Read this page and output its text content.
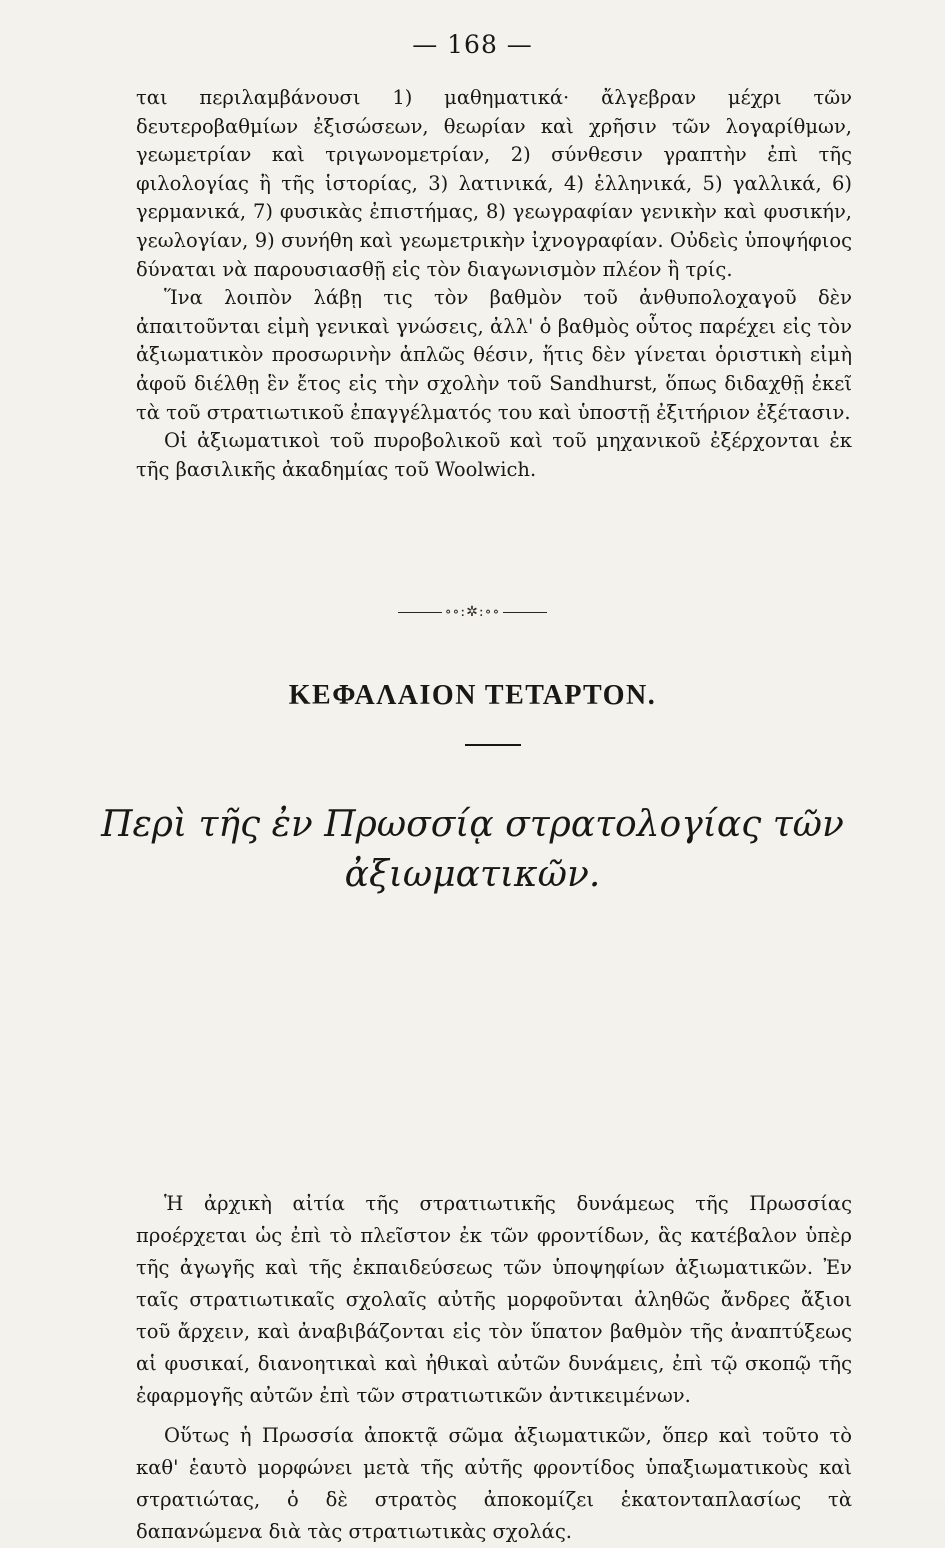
— 168 —

ται περιλαμβάνουσι 1) μαθηματικά· ἄλγεβραν μέχρι τῶν δευτεροβαθμίων ἐξισώσεων, θεωρίαν καὶ χρῆσιν τῶν λογαρίθμων, γεωμετρίαν καὶ τριγωνομετρίαν, 2) σύνθεσιν γραπτὴν ἐπὶ τῆς φιλολογίας ἢ τῆς ἱστορίας, 3) λατινικά, 4) ἑλληνικά, 5) γαλλικά, 6) γερμανικά, 7) φυσικὰς ἐπιστήμας, 8) γεωγραφίαν γενικὴν καὶ φυσικήν, γεωλογίαν, 9) συνήθη καὶ γεωμετρικὴν ἰχνογραφίαν. Οὐδεὶς ὑποψήφιος δύναται νὰ παρουσιασθῇ εἰς τὸν διαγωνισμὸν πλέον ἢ τρίς.

Ἵνα λοιπὸν λάβῃ τις τὸν βαθμὸν τοῦ ἀνθυπολοχαγοῦ δὲν ἀπαιτοῦνται εἰμὴ γενικαὶ γνώσεις, ἀλλ' ὁ βαθμὸς οὗτος παρέχει εἰς τὸν ἀξιωματικὸν προσωρινὴν ἁπλῶς θέσιν, ἥτις δὲν γίνεται ὁριστικὴ εἰμὴ ἀφοῦ διέλθῃ ἓν ἔτος εἰς τὴν σχολὴν τοῦ Sandhurst, ὅπως διδαχθῇ ἐκεῖ τὰ τοῦ στρατιωτικοῦ ἐπαγγέλματός του καὶ ὑποστῇ ἐξιτήριον ἐξέτασιν.

Οἱ ἀξιωματικοὶ τοῦ πυροβολικοῦ καὶ τοῦ μηχανικοῦ ἐξέρχονται ἐκ τῆς βασιλικῆς ἀκαδημίας τοῦ Woolwich.

∘∘:✲:∘∘
ΚΕΦΑΛΑΙΟΝ ΤΕΤΑΡΤΟΝ.
Περὶ τῆς ἐν Πρωσσίᾳ στρατολογίας τῶν
ἀξιωματικῶν.

Ἡ ἀρχικὴ αἰτία τῆς στρατιωτικῆς δυνάμεως τῆς Πρωσσίας προέρχεται ὡς ἐπὶ τὸ πλεῖστον ἐκ τῶν φροντίδων, ἃς κατέβαλον ὑπὲρ τῆς ἀγωγῆς καὶ τῆς ἐκπαιδεύσεως τῶν ὑποψηφίων ἀξιωματικῶν. Ἐν ταῖς στρατιωτικαῖς σχολαῖς αὐτῆς μορφοῦνται ἀληθῶς ἄνδρες ἄξιοι τοῦ ἄρχειν, καὶ ἀναβιβάζονται εἰς τὸν ὕπατον βαθμὸν τῆς ἀναπτύξεως αἱ φυσικαί, διανοητικαὶ καὶ ἠθικαὶ αὐτῶν δυνάμεις, ἐπὶ τῷ σκοπῷ τῆς ἐφαρμογῆς αὐτῶν ἐπὶ τῶν στρατιωτικῶν ἀντικειμένων.

Οὕτως ἡ Πρωσσία ἀποκτᾷ σῶμα ἀξιωματικῶν, ὅπερ καὶ τοῦτο τὸ καθ' ἑαυτὸ μορφώνει μετὰ τῆς αὐτῆς φροντίδος ὑπαξιωματικοὺς καὶ στρατιώτας, ὁ δὲ στρατὸς ἀποκομίζει ἑκατονταπλασίως τὰ δαπανώμενα διὰ τὰς στρατιωτικὰς σχολάς.
